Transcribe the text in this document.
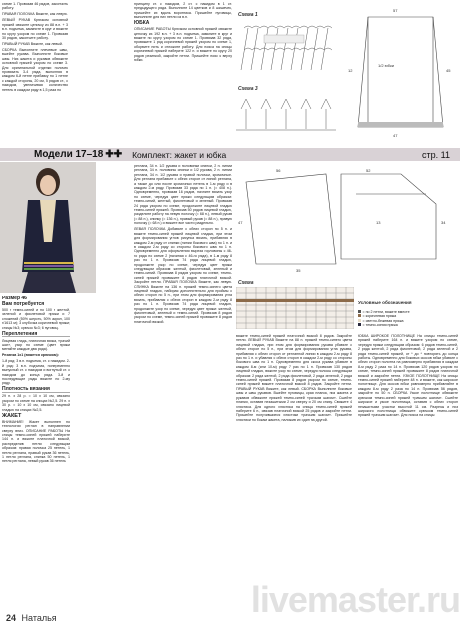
схеме 1. Провязав 46 рядов, закончить работу.

ПРАВАЯ ПОЛОЧКА Вяжите, как левую.

ЛЕВЫЙ РУКАВ Крючком основной пряжей свяжите цепочку из 88 в.п. + 3 в.п. подъема, замкните в круг и вяжите по кругу узором по схеме 1. Провязав 30 рядов, закончите работу.

ПРАВЫЙ РУКАВ Вяжите, как левый.

СБОРКА Выполните плечевые швы, вшейте рукава. Выполните боковые швы. Низ жакета и рукавов обвяжите основной пряжей узором по схеме 3. Для оригинальной отделки полочек провязать 3-4 ряда, выполняя в каждом 6-й петле прибавку по 1 петле с каждой стороны, 20 см, 5 рядов ст., с накидом, увеличивая количество петель в каждом ряду в 1,5 раза по

принципу ст. с накидом, 2 ст. с накидом в 1 ст. предыдущего ряда. Выполните 14 цветков и 8 шишечек, пришейте их вдоль воротника. Пришейте пуговицы, выполните для них петли из в.п.

ЮБКА

ОПИСАНИЕ РАБОТЫ Крючком основной пряжей свяжите цепочку из 192 в.п. + 3 в.п. подъема, замкните в круг и вяжите по кругу узором по схеме 1. Провязав 32 ряда, провяжите 1 ряд коричневой пряжей узором по схеме 1, оборвите нить и отложите работу. Для пояса на спицы коричневой пряжей наберите 122 п. и вяжите по кругу 20 рядов резинкой, закройте петли. Пришейте пояс к верху юбки.

Схема 1
Схема 3
57
47
45
12
1/2 юбки
Модели 17–18 ✚✚ Комплект: жакет и юбка	стр. 11

Размер 46

Вам потребуется

500 г темно-синей и по 100 г желтой, зеленой и фиолетовой пряжи и 7 сложений (50% шерсть, 50% акрил, 100 г/1613 м); 3 клубочка коричневой пряжи; спицы №3; крючок №3; 6 пуговиц.

Переплетения

Лицевая гладь, платочная вязка, «рачий шаг», узор по схеме (цвет пряжи меняйте каждые два ряда).

Резинка 1x1 (вяжется крючком):

1-й ряд: 3 в.п. подъема, ст. с накидом. 2-й ряд: 3 в.п. подъема, попеременно выпуклый ст. с накидом и вогнутый ст. с накидом до конца ряда. 3-й и последующие ряды вяжите по 2-му ряду.

Плотность вязания

29 п. x 28 р. = 10 x 10 см, связано узором по схеме на спицах №2,5. 29 п. x 30 р. = 10 x 10 см, связано лицевой гладью на спицах №2,5.

ЖАКЕТ

ВНИМАНИЕ! Жакет выполнен по технологии реглан в направлении сверху вниз. ОПИСАНИЕ РАБОТЫ На спицы темно-синей пряжей наберите 144 п. и вяжите платочной вязкой, распределив петли следующим образом: правая полочка 25 петель, 1 петля реглана, правый рукав 36 петель, 1 петля реглана, спинка 50 петель, 1 петля реглана, левый рукав 36 петель

реглана, 34 п. 1/2 рукава и половинки спинки, 2 п. линии реглана, 34 п. половины спинки и 1/2 рукава, 2 п. линии реглана, 34 п. 1/2 рукава и правой полочки, кромочные. Для реглана прибавьте с обеих сторон от линий реглана, а также до или после кромочных петель в 1-м ряду и в каждом 2-м ряду. Провязав 33 ряда по 1 п. (= 408 п.). Одновременно, провязав 16 рядов, начните вязать узор по схеме, чередуя цвет пряжи следующим образом: темно-синий, желтый, фиолетовый и зеленый. Провязав 24 ряда узором по схеме, продолжите лицевой гладью темно-синей пряжей. Провязав 50 рядов лицевой гладью, разделите работу на левую полочку (= 68 п.), левый рукав (= 88 п.), спинку (= 136 п.), правый рукав (= 88 п.), правую полочку (= 68 п.) и вяжите все части раздельно.

ЛЕВАЯ ПОЛОЧКА Добавьте с обеих сторон по 5 п. и вяжите темно-синей пряжей лицевой гладью, при этом для формирования углов рисунка вязать, прибавляя в каждом 2-м ряду от спинки (линии бокового шва) по 1 п. и в каждом 2-м ряду со стороны бокового шва по 1 п. Одновременно для оформления выреза горловины с 46-го ряда по схеме 2 (начиная с 46-го ряда), в 1-м ряду 8 раз по 1 п. Провязав 74 ряда лицевой гладью, продолжите узор по схеме, чередуя цвет пряжи следующим образом: желтый, фиолетовый, зеленый и темно-синий. Провязав 8 рядов узором по схеме, темно-синей пряжей провяжите 8 рядов платочной вязкой. Закройте петли. ПРАВАЯ ПОЛОЧКА Вяжите, как левую. СПИНКА Вяжите на 136 п. пряжей темно-синего цвета лицевой гладью, набирая дополнительно для проймы с обеих сторон по 5 п., при этом для формирования угла вязать, прибавляя с обеих сторон в каждом 2-м ряду 8 раз по 1 п. Провязав 74 ряда лицевой гладью, продолжите узор по схеме, чередуя цвет пряжи: желтый, фиолетовый, зеленый и темно-синий. Провязав 8 рядов узором по схеме, темно-синей пряжей провяжите 8 рядов платочной вязкой.

56	52
47	34
35
13
Схема
Условные обозначения
= по 2 петли, вяжите вместе
= коричневая пряжа
= светло-бежевая пряжа
= темно-синяя пряжа

вяжите темно-синей пряжей платочной вязкой 8 рядов. Закройте петли. ЛЕВЫЙ РУКАВ Вяжите на 88 п. пряжей темно-синего цвета лицевой гладью, при этом для формирования рукава убавьте с обеих сторон по 5 п., при этом для формирования угла рукава, прибавляя с обеих сторон от регланной линии в каждом 2-м ряду 8 раз по 1 п. и убавляя с обеих сторон в каждом 2-м ряду со стороны бокового шва по 1 п. Одновременно для скоса рукава убавьте в каждом 8-м (или 10-м) ряду 7 раз по 1 п. Провязав 130 рядов лицевой гладью, вяжите узор по схеме, чередуя полосы следующим образом: 2 ряда желтой, 2 ряда фиолетовой, 2 ряда зеленой, 2 ряда темно-синей пряжей. Провязав 8 рядов узором по схеме, темно-синей пряжей вяжите платочной вязкой 8 рядов. Закройте петли. ПРАВЫЙ РУКАВ Вяжите, как левый. СБОРКА Выполните боковые швы и швы рукавов. Вшейте пуговицы, края планок, низ жакета и рукавов обвяжите пряжей темно-синей «рачьим шагом». Сшейте планки, оставив незашитыми 2 см сверху и 20 см снизу. Свяжите 4 хлястика. Для одного хлястика на спицы темно-синей пряжей наберите 6 п., связав платочной вязкой 25 рядов и закройте петли. Пришейте получившиеся хлястики «рачьим шагом». Пришейте хлястики по бокам жакета, наложив их один на другой.

ЮБКА ШИРОКОЕ ПОЛОТНИЩЕ На спицы темно-синей пряжей наберите 164 п. и вяжите узором по схеме, чередуя пряжи следующим образом: 6 рядов темно-синей, 2 ряда желтой, 2 ряда фиолетовой, 2 ряда зеленой и 2 ряда темно-синей пряжей, от * до * повторять до конца работы. Одновременно для боковых скосов юбки убавьте с обеих сторон полотна на равномерно прибавляя в каждом 8-м ряду 2 раза по 14 п. Провязав 120 рядов узором по схеме, темно-синей пряжей провяжите 8 рядов платочной вязкой и закройте петли. УЗКОЕ ПОЛОТНИЩЕ На спицы темно-синей пряжей наберите 48 п. и вяжите, как широкое полотнище. Для скосов юбки равномерно прибавляйте в каждом 8-м ряду 2 раза по 14 п. Провязав 56 рядов, закройте по 50 п. СБОРКА Узкое полотнище обвяжите крючком темно-синей пряжей «рачьим шагом». Сшейте широкое и узкое полотнища, оставив с обеих сторон незашитыми участки высотой 11 см. Разрезы и низ широкого полотнища обвяжите крючком темно-синей пряжей «рачьим шагом». Для пояса на спицы

livemaster.ru
24 Наталья
